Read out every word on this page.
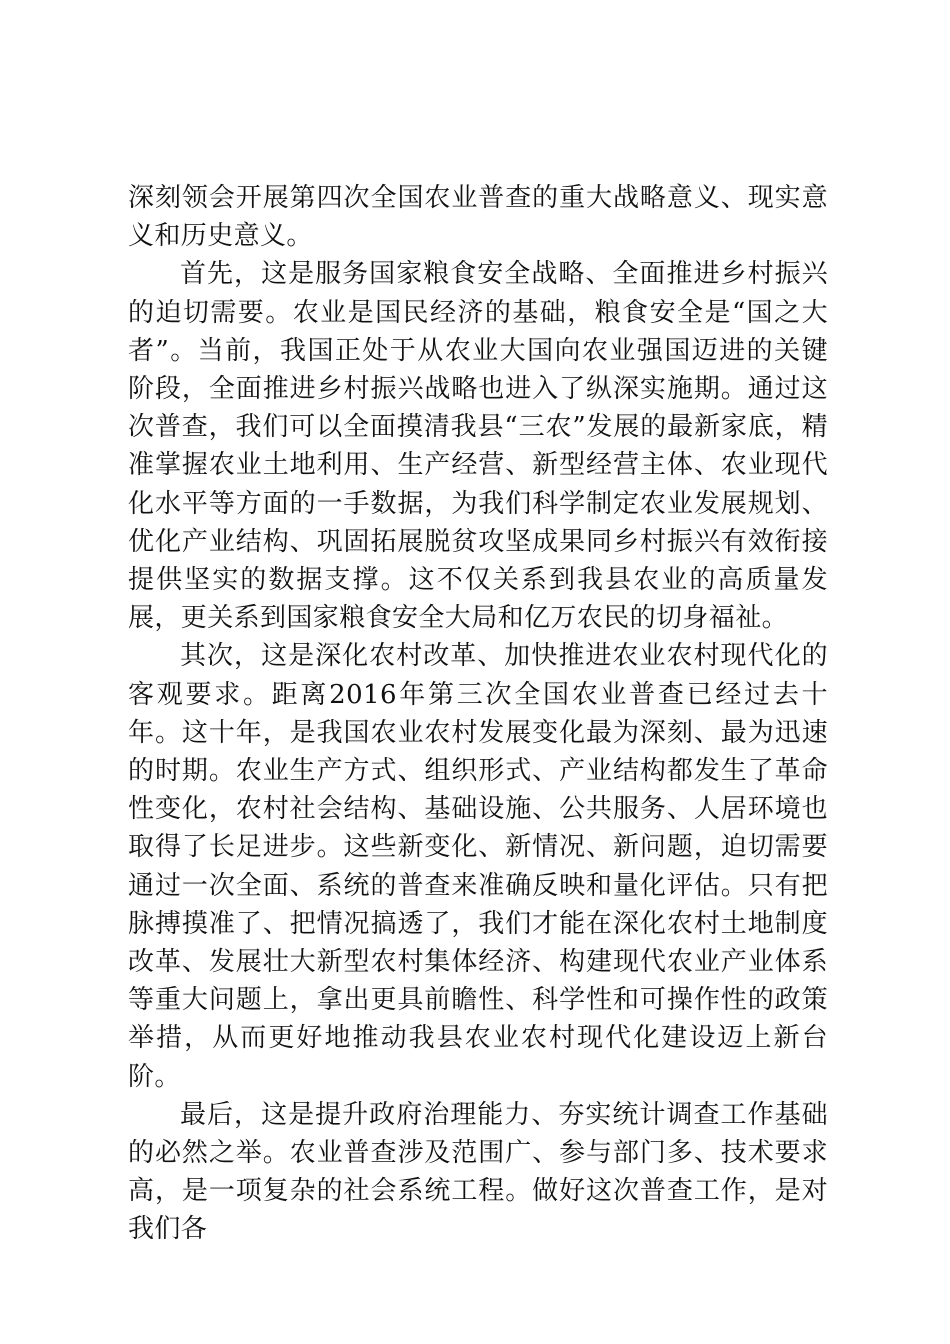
深刻领会开展第四次全国农业普查的重大战略意义、现实意义和历史意义。

首先，这是服务国家粮食安全战略、全面推进乡村振兴的迫切需要。农业是国民经济的基础，粮食安全是“国之大者”。当前，我国正处于从农业大国向农业强国迈进的关键阶段，全面推进乡村振兴战略也进入了纵深实施期。通过这次普查，我们可以全面摸清我县“三农”发展的最新家底，精准掌握农业土地利用、生产经营、新型经营主体、农业现代化水平等方面的一手数据，为我们科学制定农业发展规划、优化产业结构、巩固拓展脱贫攻坚成果同乡村振兴有效衔接提供坚实的数据支撑。这不仅关系到我县农业的高质量发展，更关系到国家粮食安全大局和亿万农民的切身福祉。

其次，这是深化农村改革、加快推进农业农村现代化的客观要求。距离2016年第三次全国农业普查已经过去十年。这十年，是我国农业农村发展变化最为深刻、最为迅速的时期。农业生产方式、组织形式、产业结构都发生了革命性变化，农村社会结构、基础设施、公共服务、人居环境也取得了长足进步。这些新变化、新情况、新问题，迫切需要通过一次全面、系统的普查来准确反映和量化评估。只有把脉搏摸准了、把情况搞透了，我们才能在深化农村土地制度改革、发展壮大新型农村集体经济、构建现代农业产业体系等重大问题上，拿出更具前瞻性、科学性和可操作性的政策举措，从而更好地推动我县农业农村现代化建设迈上新台阶。

最后，这是提升政府治理能力、夯实统计调查工作基础的必然之举。农业普查涉及范围广、参与部门多、技术要求高，是一项复杂的社会系统工程。做好这次普查工作，是对我们各
